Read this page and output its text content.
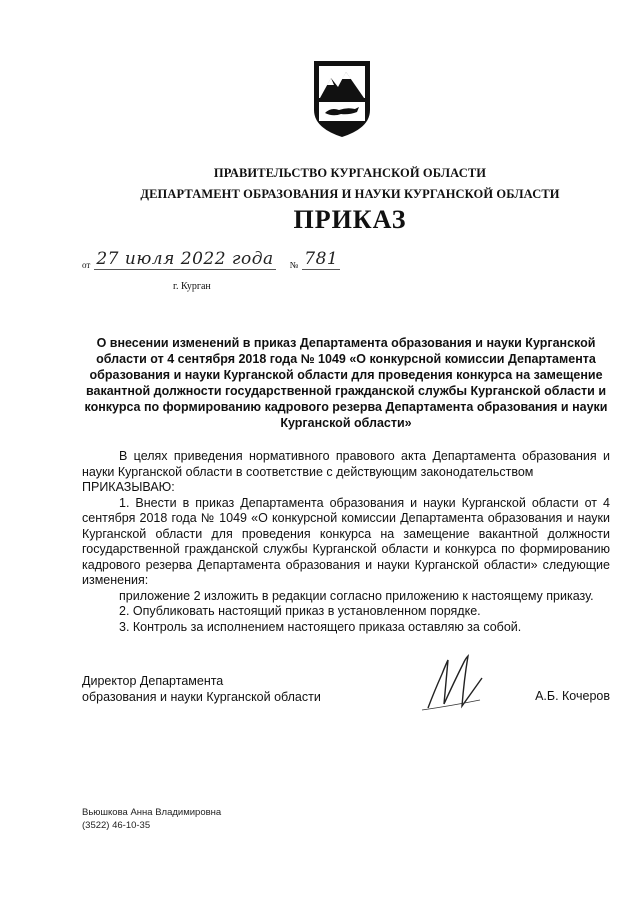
ПРАВИТЕЛЬСТВО КУРГАНСКОЙ ОБЛАСТИ
ДЕПАРТАМЕНТ ОБРАЗОВАНИЯ И НАУКИ КУРГАНСКОЙ ОБЛАСТИ
ПРИКАЗ
от 27 июля 2022 года № 781
г. Курган
О внесении изменений в приказ Департамента образования и науки Курганской области от 4 сентября 2018 года № 1049 «О конкурсной комиссии Департамента образования и науки Курганской области для проведения конкурса на замещение вакантной должности государственной гражданской службы Курганской области и конкурса по формированию кадрового резерва Департамента образования и науки Курганской области»

В целях приведения нормативного правового акта Департамента образования и науки Курганской области в соответствие с действующим законодательством

ПРИКАЗЫВАЮ:

1. Внести в приказ Департамента образования и науки Курганской области от 4 сентября 2018 года № 1049 «О конкурсной комиссии Департамента образования и науки Курганской области для проведения конкурса на замещение вакантной должности государственной гражданской службы Курганской области и конкурса по формированию кадрового резерва Департамента образования и науки Курганской области» следующие изменения:

приложение 2 изложить в редакции согласно приложению к настоящему приказу.

2. Опубликовать настоящий приказ в установленном порядке.

3. Контроль за исполнением настоящего приказа оставляю за собой.

Директор Департамента
образования и науки Курганской области	А.Б. Кочеров
Вьюшкова Анна Владимировна
(3522) 46-10-35
